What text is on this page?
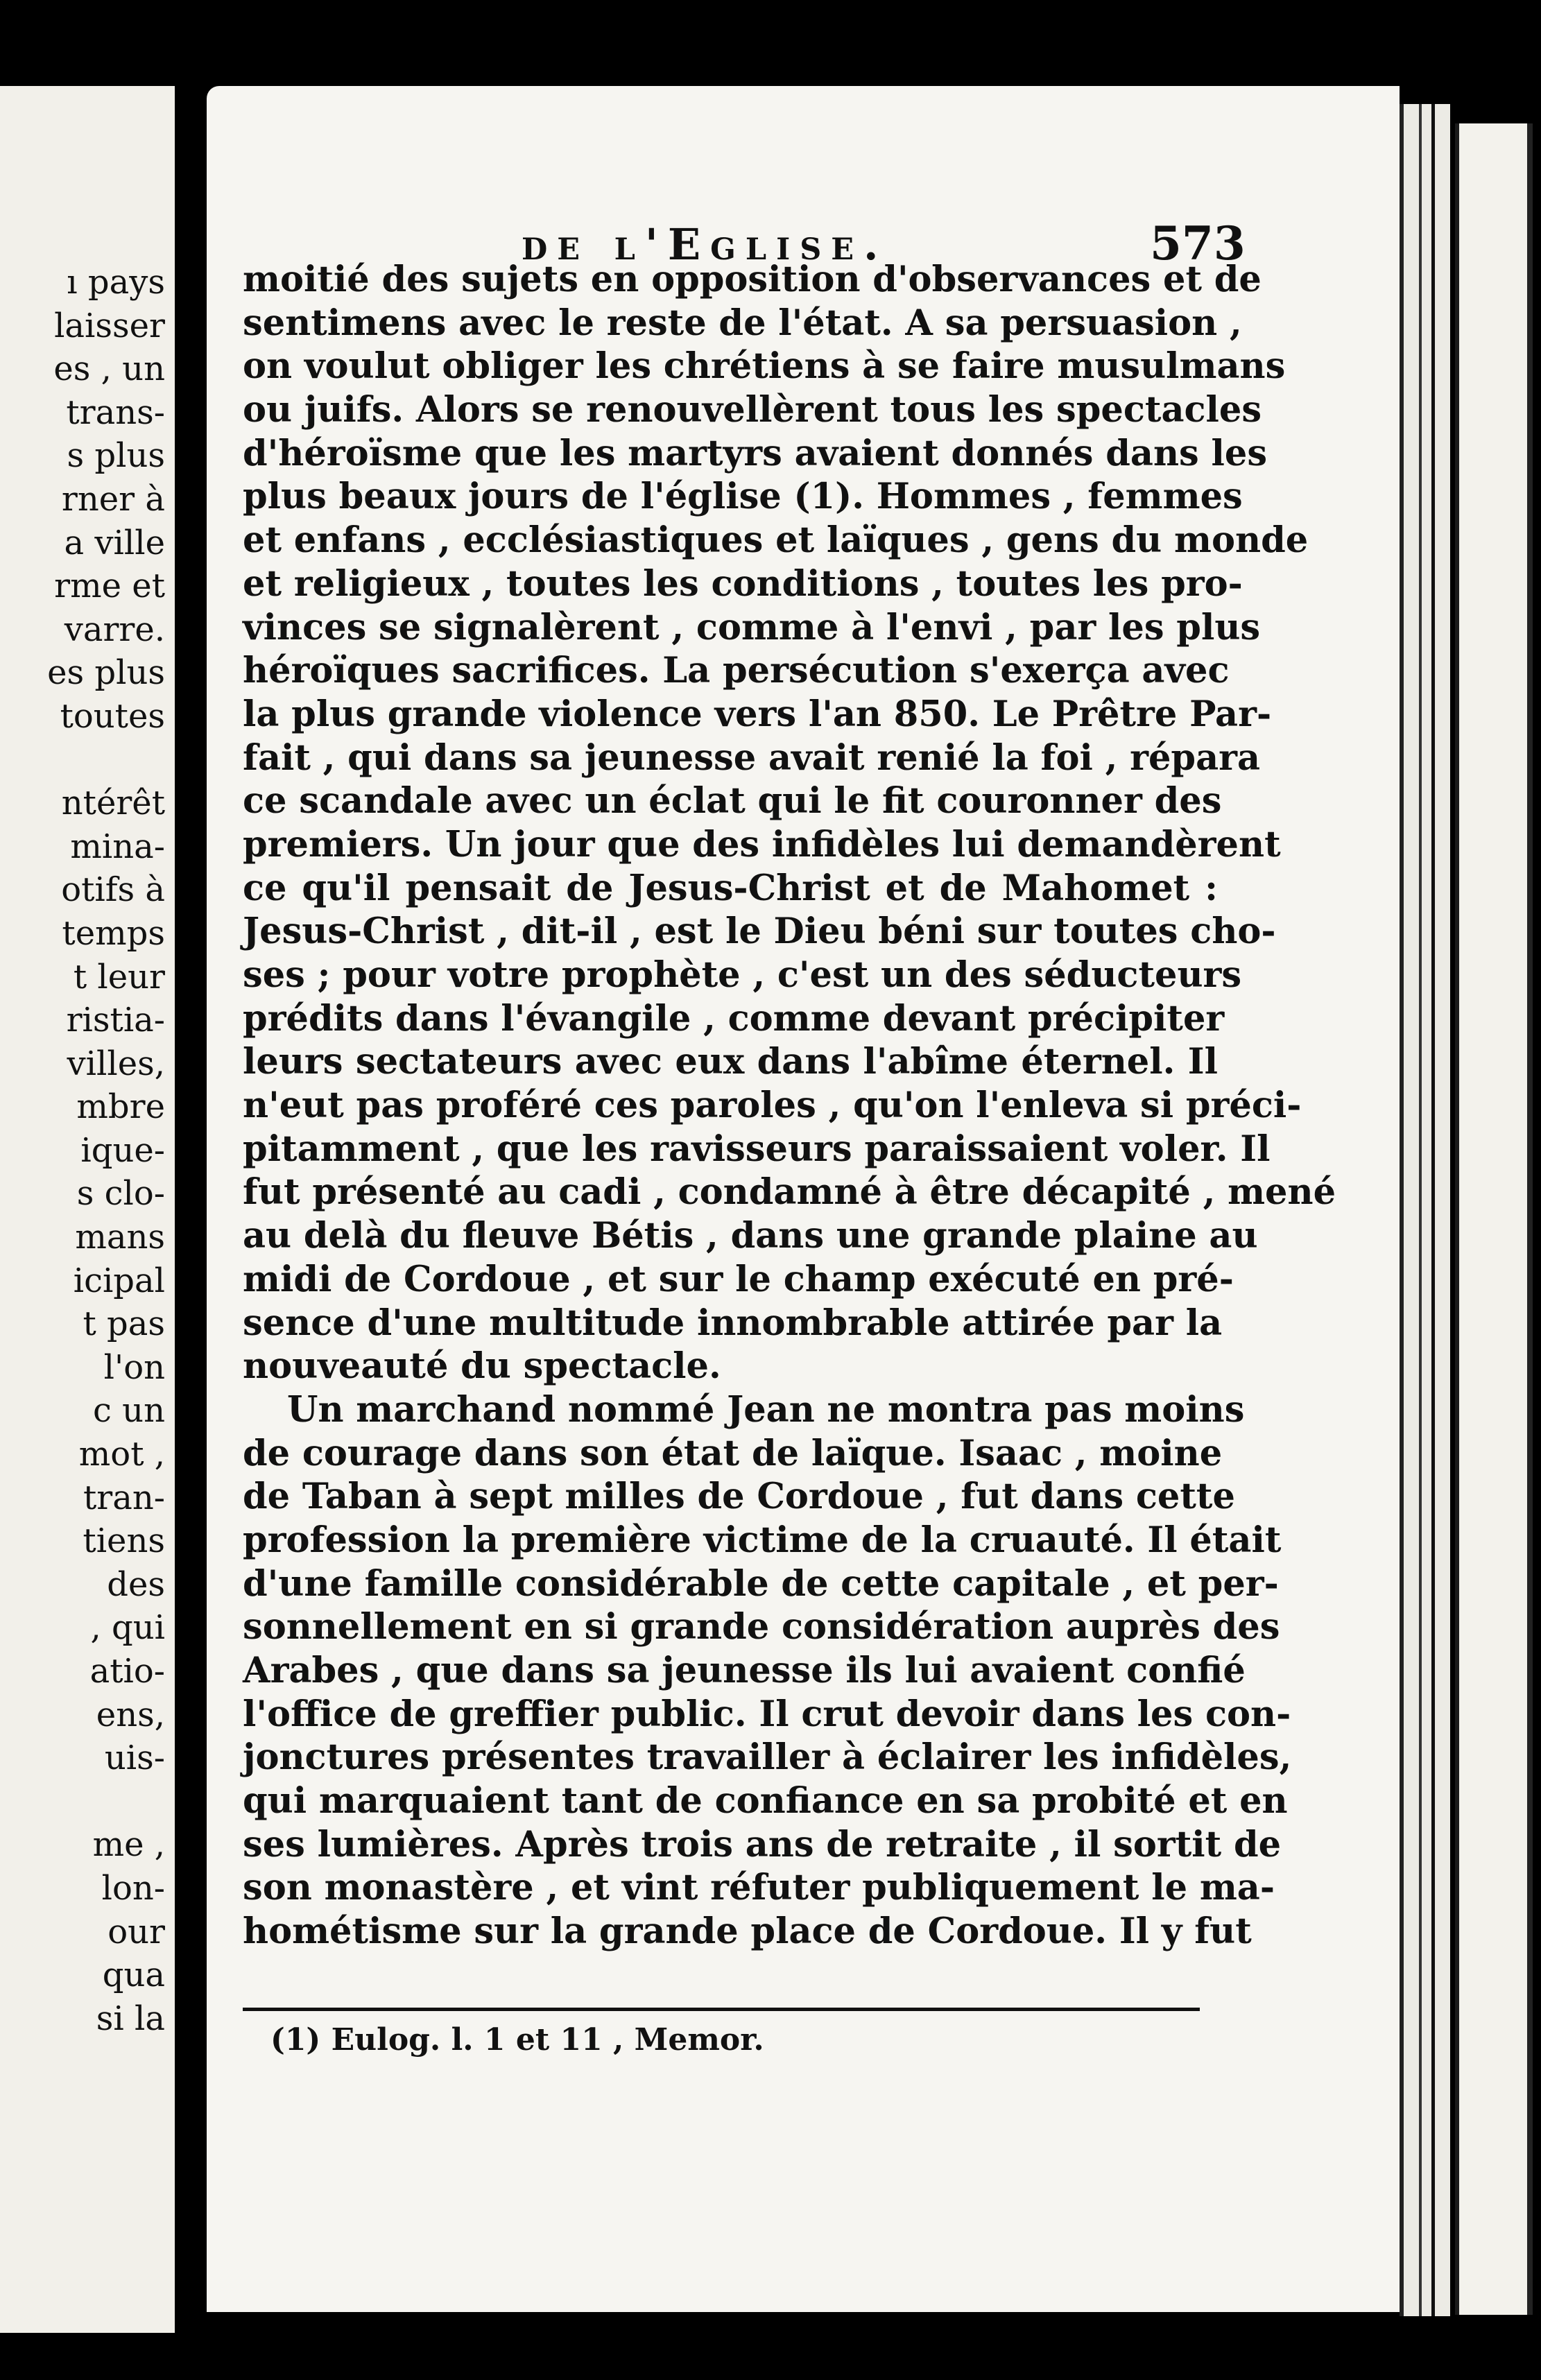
ı pays
laisser
es , un
trans-
s plus
rner à
a ville
rme et
varre.
es plus
toutes

ntérêt
mina-
otifs à
temps
t leur
ristia-
villes,
mbre
ique-
s clo-
mans
icipal
t pas
l'on
c un
mot ,
tran-
tiens
des
, qui
atio-
ens,
uis-

me ,
lon-
our
qua
si la
de l'Eglise.	573
moitié des sujets en opposition d'observances et de
sentimens avec le reste de l'état. A sa persuasion ,
on voulut obliger les chrétiens à se faire musulmans
ou juifs. Alors se renouvellèrent tous les spectacles
d'héroïsme que les martyrs avaient donnés dans les
plus beaux jours de l'église (1). Hommes , femmes
et enfans , ecclésiastiques et laïques , gens du monde
et religieux , toutes les conditions , toutes les pro-
vinces se signalèrent , comme à l'envi , par les plus
héroïques sacrifices. La persécution s'exerça avec
la plus grande violence vers l'an 850. Le Prêtre Par-
fait , qui dans sa jeunesse avait renié la foi , répara
ce scandale avec un éclat qui le fit couronner des
premiers. Un jour que des infidèles lui demandèrent
ce qu'il pensait de Jesus-Christ et de Mahomet :
Jesus-Christ , dit-il , est le Dieu béni sur toutes cho-
ses ; pour votre prophète , c'est un des séducteurs
prédits dans l'évangile , comme devant précipiter
leurs sectateurs avec eux dans l'abîme éternel. Il
n'eut pas proféré ces paroles , qu'on l'enleva si préci-
pitamment , que les ravisseurs paraissaient voler. Il
fut présenté au cadi , condamné à être décapité , mené
au delà du fleuve Bétis , dans une grande plaine au
midi de Cordoue , et sur le champ exécuté en pré-
sence d'une multitude innombrable attirée par la
nouveauté du spectacle.
Un marchand nommé Jean ne montra pas moins
de courage dans son état de laïque. Isaac , moine
de Taban à sept milles de Cordoue , fut dans cette
profession la première victime de la cruauté. Il était
d'une famille considérable de cette capitale , et per-
sonnellement en si grande considération auprès des
Arabes , que dans sa jeunesse ils lui avaient confié
l'office de greffier public. Il crut devoir dans les con-
jonctures présentes travailler à éclairer les infidèles,
qui marquaient tant de confiance en sa probité et en
ses lumières. Après trois ans de retraite , il sortit de
son monastère , et vint réfuter publiquement le ma-
hométisme sur la grande place de Cordoue. Il y fut
(1) Eulog. l. 1 et 11 , Memor.
